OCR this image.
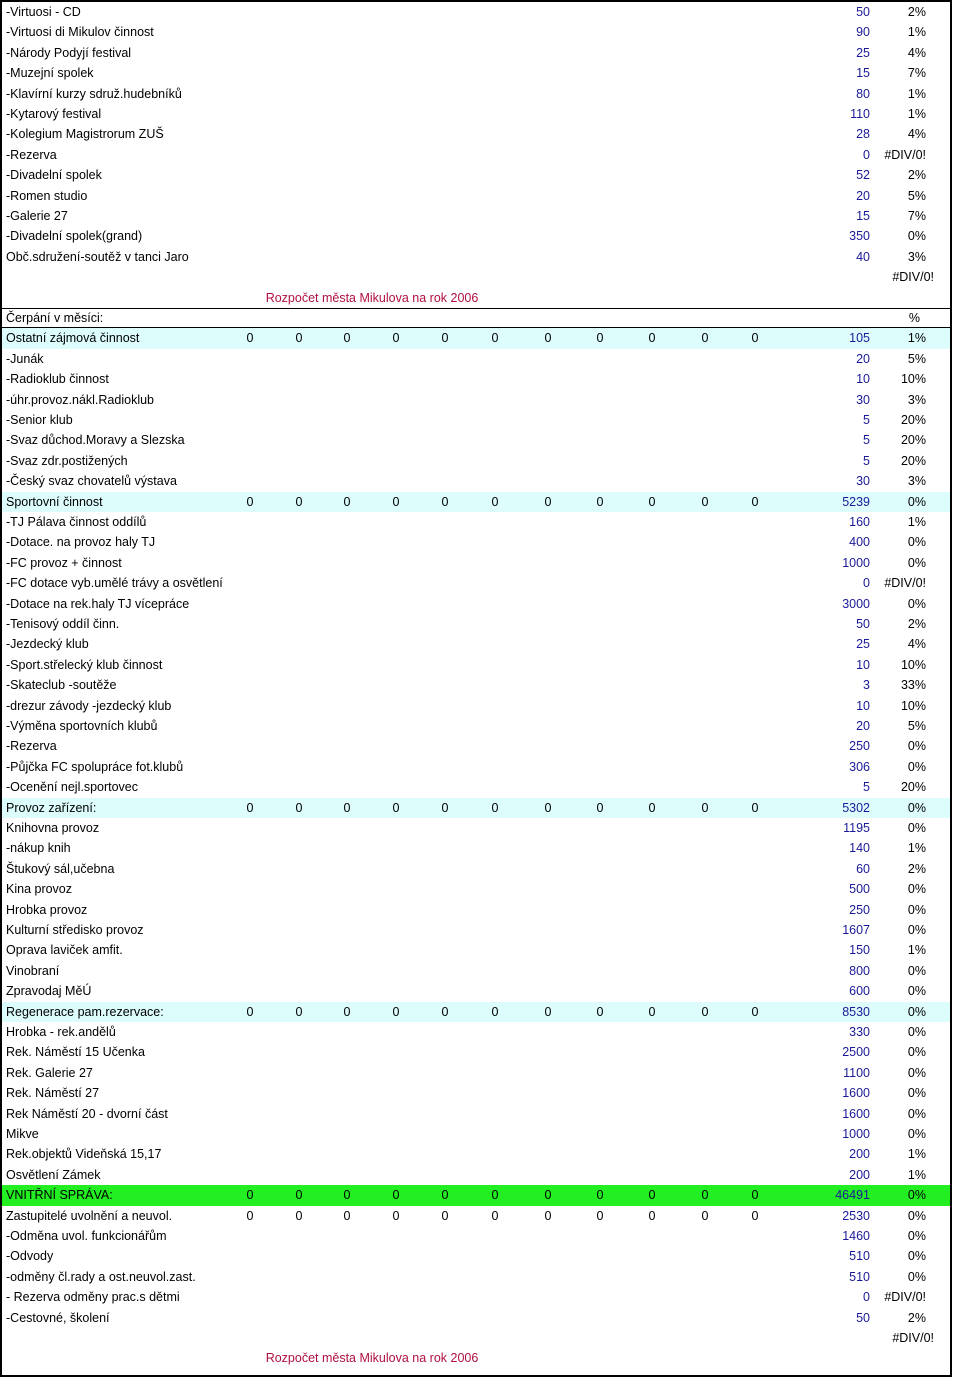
-Virtuosi - CD	50	2%
-Virtuosi di Mikulov činnost	90	1%
-Národy Podyjí festival	25	4%
-Muzejní spolek	15	7%
-Klavírní kurzy sdruž.hudebníků	80	1%
-Kytarový festival	110	1%
-Kolegium Magistrorum ZUŠ	28	4%
-Rezerva	0 #DIV/0!
-Divadelní spolek	52	2%
-Romen studio	20	5%
-Galerie 27	15	7%
-Divadelní spolek(grand)	350	0%
Obč.sdružení-soutěž v tanci Jaro	40	3%
#DIV/0!
Rozpočet města Mikulova na rok 2006
Čerpání v měsíci:	%
Ostatní zájmová činnost	0	0	0	0	0	0	0	0	0	0	0	105	1%
-Junák	20	5%
-Radioklub činnost	10 10%
-úhr.provoz.nákl.Radioklub	30	3%
-Senior klub	5 20%
-Svaz důchod.Moravy a Slezska	5 20%
-Svaz zdr.postižených	5 20%
-Český svaz chovatelů výstava	30	3%
Sportovní činnost	0	0	0	0	0	0	0	0	0	0	0	5239	0%
-TJ Pálava činnost oddílů	160	1%
-Dotace. na provoz haly TJ	400	0%
-FC provoz + činnost	1000	0%
-FC dotace vyb.umělé trávy a osvětlení	0 #DIV/0!
-Dotace na rek.haly TJ vícepráce	3000	0%
-Tenisový oddíl činn.	50	2%
-Jezdecký klub	25	4%
-Sport.střelecký klub činnost	10 10%
-Skateclub -soutěže	3 33%
-drezur závody -jezdecký klub	10 10%
-Výměna sportovních klubů	20	5%
-Rezerva	250	0%
-Půjčka FC spolupráce fot.klubů	306	0%
-Ocenění nejl.sportovec	5 20%
Provoz zařízení:	0	0	0	0	0	0	0	0	0	0	0	5302	0%
Knihovna provoz	1195	0%
-nákup knih	140	1%
Štukový sál,učebna	60	2%
Kina provoz	500	0%
Hrobka provoz	250	0%
Kulturní středisko provoz	1607	0%
Oprava laviček amfit.	150	1%
Vinobraní	800	0%
Zpravodaj MěÚ	600	0%
Regenerace pam.rezervace:	0	0	0	0	0	0	0	0	0	0	0	8530	0%
Hrobka - rek.andělů	330	0%
Rek. Náměstí 15 Učenka	2500	0%
Rek. Galerie 27	1100	0%
Rek. Náměstí 27	1600	0%
Rek Náměstí 20 - dvorní část	1600	0%
Mikve	1000	0%
Rek.objektů Videňská 15,17	200	1%
Osvětlení Zámek	200	1%
VNITŘNÍ SPRÁVA:	0	0	0	0	0	0	0	0	0	0	0	46491	0%
Zastupitelé uvolnění a neuvol.	0	0	0	0	0	0	0	0	0	0	0	2530	0%
-Odměna uvol. funkcionářům	1460	0%
-Odvody	510	0%
-odměny čl.rady a ost.neuvol.zast.	510	0%
- Rezerva odměny prac.s dětmi	0 #DIV/0!
-Cestovné, školení	50	2%
#DIV/0!
Rozpočet města Mikulova na rok 2006
